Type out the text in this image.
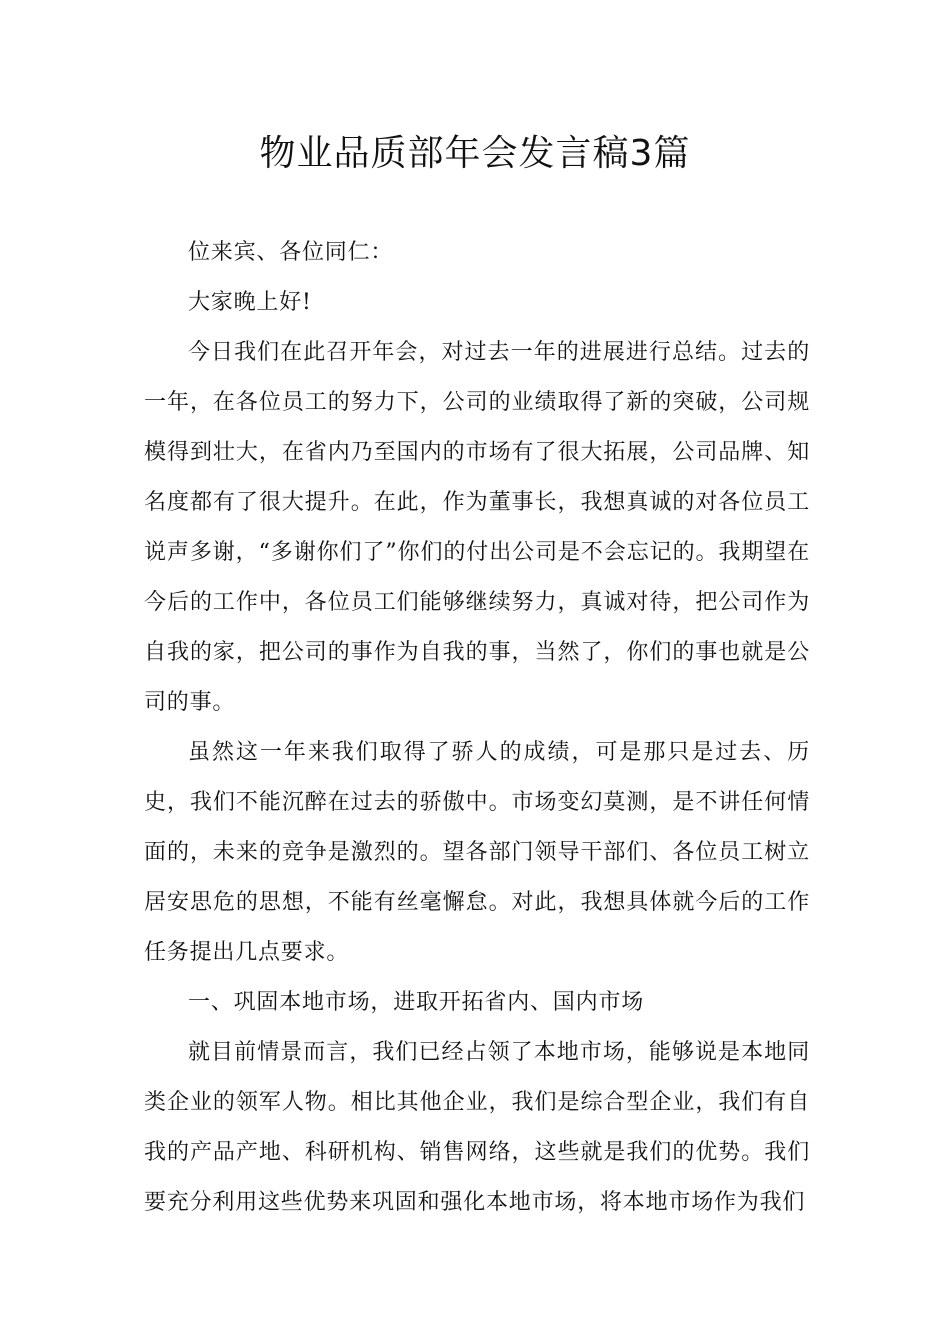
物业品质部年会发言稿3篇

位来宾、各位同仁：

大家晚上好!

今日我们在此召开年会，对过去一年的进展进行总结。过去的一年，在各位员工的努力下，公司的业绩取得了新的突破，公司规模得到壮大，在省内乃至国内的市场有了很大拓展，公司品牌、知名度都有了很大提升。在此，作为董事长，我想真诚的对各位员工说声多谢，“多谢你们了”你们的付出公司是不会忘记的。我期望在今后的工作中，各位员工们能够继续努力，真诚对待，把公司作为自我的家，把公司的事作为自我的事，当然了，你们的事也就是公司的事。

虽然这一年来我们取得了骄人的成绩，可是那只是过去、历史，我们不能沉醉在过去的骄傲中。市场变幻莫测，是不讲任何情面的，未来的竞争是激烈的。望各部门领导干部们、各位员工树立居安思危的思想，不能有丝毫懈怠。对此，我想具体就今后的工作任务提出几点要求。

一、巩固本地市场，进取开拓省内、国内市场

就目前情景而言，我们已经占领了本地市场，能够说是本地同类企业的领军人物。相比其他企业，我们是综合型企业，我们有自我的产品产地、科研机构、销售网络，这些就是我们的优势。我们要充分利用这些优势来巩固和强化本地市场，将本地市场作为我们
